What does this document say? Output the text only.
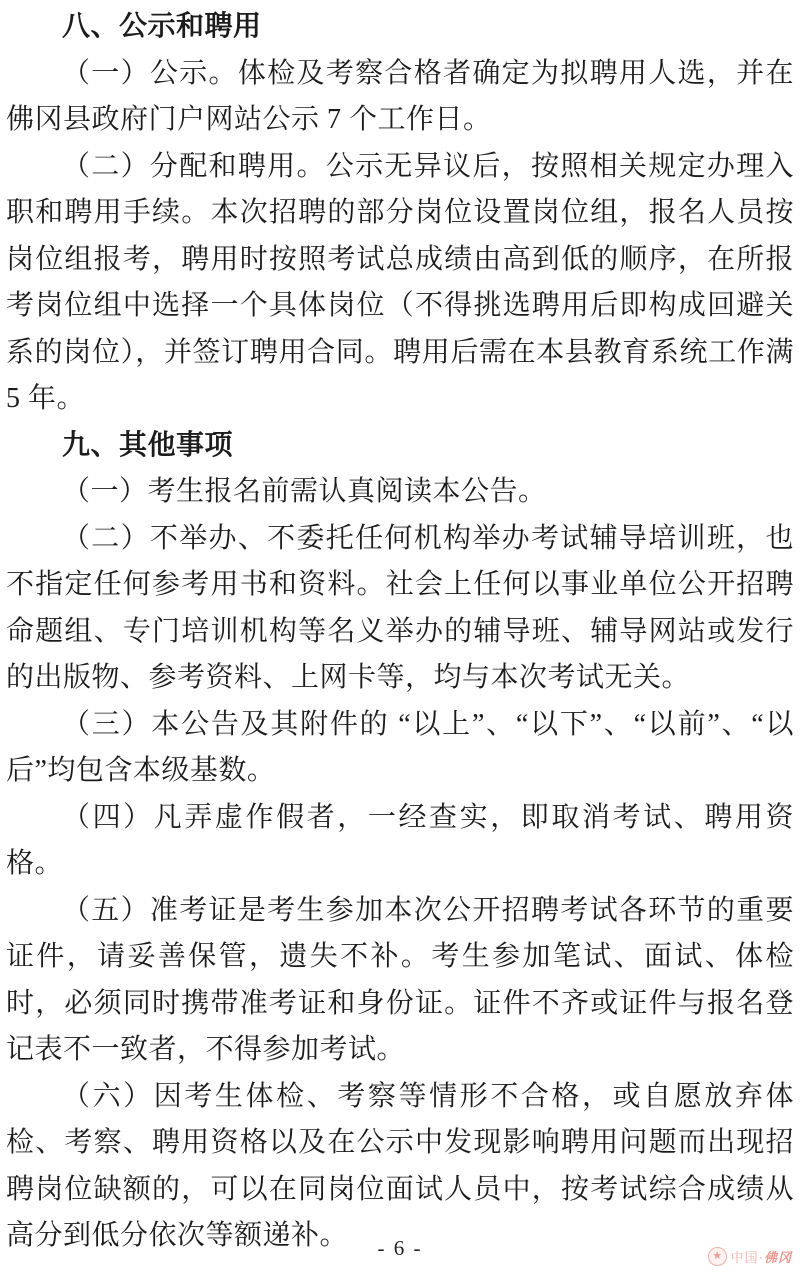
八、公示和聘用

（一）公示。体检及考察合格者确定为拟聘用人选，并在佛冈县政府门户网站公示 7 个工作日。

（二）分配和聘用。公示无异议后，按照相关规定办理入职和聘用手续。本次招聘的部分岗位设置岗位组，报名人员按岗位组报考，聘用时按照考试总成绩由高到低的顺序，在所报考岗位组中选择一个具体岗位（不得挑选聘用后即构成回避关系的岗位），并签订聘用合同。聘用后需在本县教育系统工作满 5 年。

九、其他事项

（一）考生报名前需认真阅读本公告。

（二）不举办、不委托任何机构举办考试辅导培训班，也不指定任何参考用书和资料。社会上任何以事业单位公开招聘命题组、专门培训机构等名义举办的辅导班、辅导网站或发行的出版物、参考资料、上网卡等，均与本次考试无关。

（三）本公告及其附件的 “以上”、“以下”、“以前”、“以后”均包含本级基数。

（四）凡弄虚作假者，一经查实，即取消考试、聘用资格。

（五）准考证是考生参加本次公开招聘考试各环节的重要证件，请妥善保管，遗失不补。考生参加笔试、面试、体检时，必须同时携带准考证和身份证。证件不齐或证件与报名登记表不一致者，不得参加考试。

（六）因考生体检、考察等情形不合格，或自愿放弃体检、考察、聘用资格以及在公示中发现影响聘用问题而出现招聘岗位缺额的，可以在同岗位面试人员中，按考试综合成绩从高分到低分依次等额递补。	- 6 -	★ 中国·佛冈
